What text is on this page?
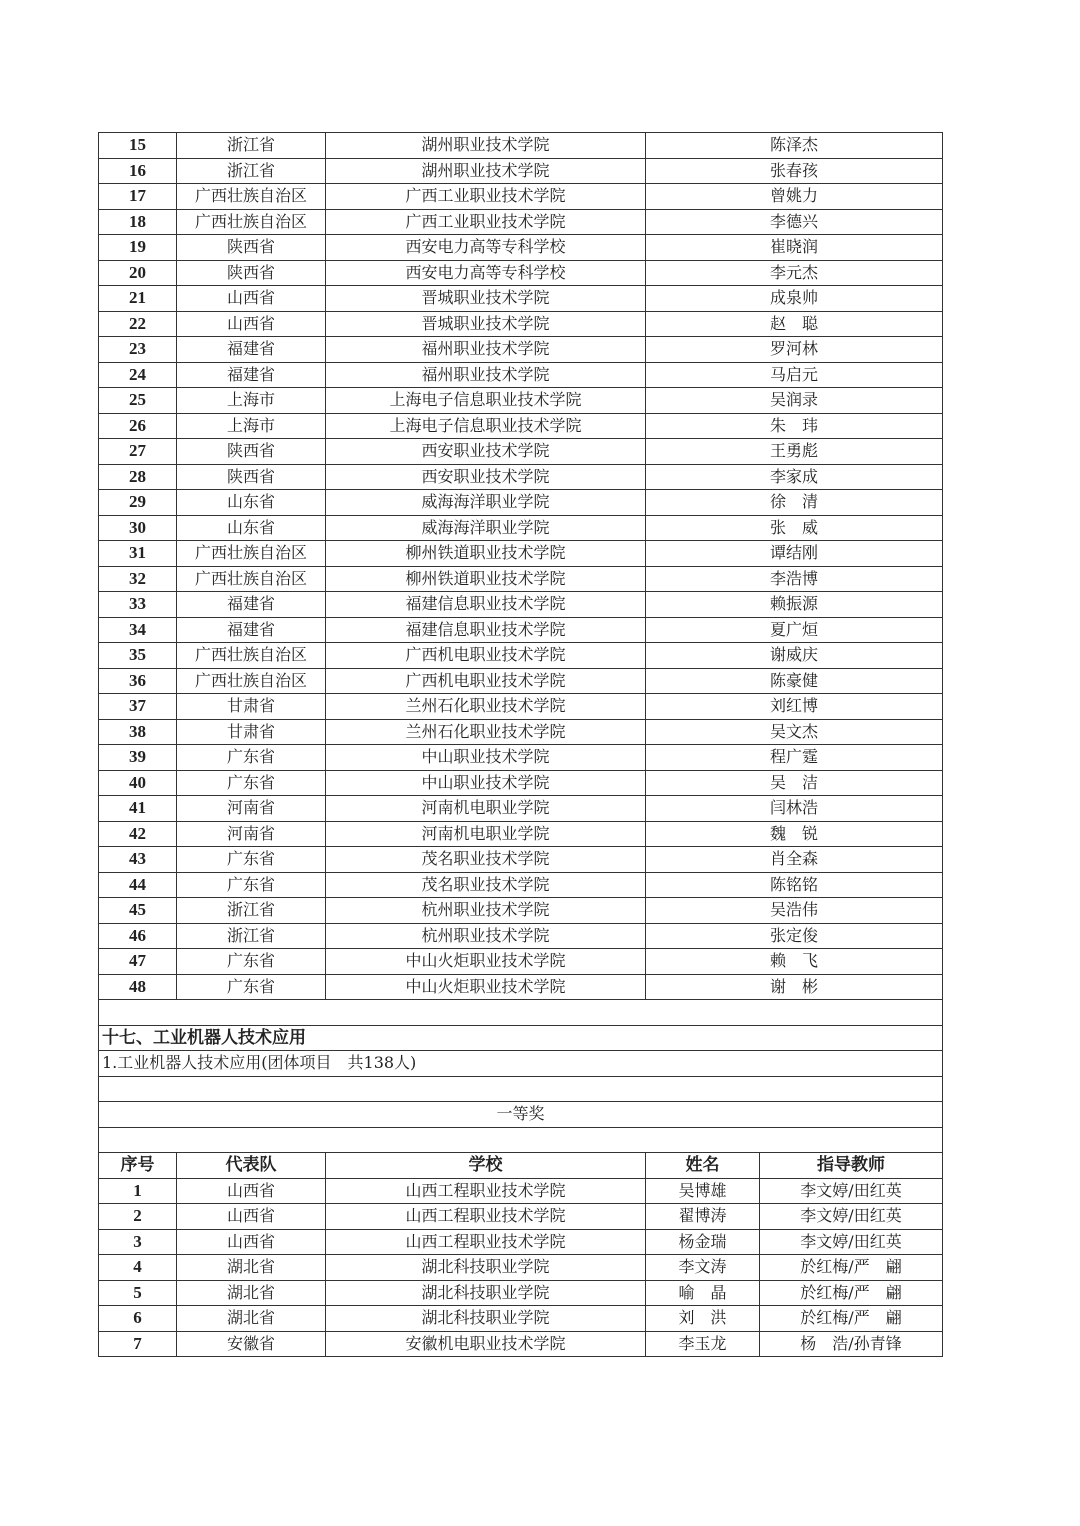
15	浙江省	湖州职业技术学院	陈泽杰	
16	浙江省	湖州职业技术学院	张春孩	
17	广西壮族自治区	广西工业职业技术学院	曾姚力	
18	广西壮族自治区	广西工业职业技术学院	李德兴	
19	陕西省	西安电力高等专科学校	崔晓润	
20	陕西省	西安电力高等专科学校	李元杰	
21	山西省	晋城职业技术学院	成泉帅	
22	山西省	晋城职业技术学院	赵　聪	
23	福建省	福州职业技术学院	罗河林	
24	福建省	福州职业技术学院	马启元	
25	上海市	上海电子信息职业技术学院	吴润录	
26	上海市	上海电子信息职业技术学院	朱　玮	
27	陕西省	西安职业技术学院	王勇彪	
28	陕西省	西安职业技术学院	李家成	
29	山东省	威海海洋职业学院	徐　清	
30	山东省	威海海洋职业学院	张　威	
31	广西壮族自治区	柳州铁道职业技术学院	谭结刚	
32	广西壮族自治区	柳州铁道职业技术学院	李浩博	
33	福建省	福建信息职业技术学院	赖振源	
34	福建省	福建信息职业技术学院	夏广烜	
35	广西壮族自治区	广西机电职业技术学院	谢威庆	
36	广西壮族自治区	广西机电职业技术学院	陈豪健	
37	甘肃省	兰州石化职业技术学院	刘红博	
38	甘肃省	兰州石化职业技术学院	吴文杰	
39	广东省	中山职业技术学院	程广霆	
40	广东省	中山职业技术学院	吴　洁	
41	河南省	河南机电职业学院	闫林浩	
42	河南省	河南机电职业学院	魏　锐	
43	广东省	茂名职业技术学院	肖全森	
44	广东省	茂名职业技术学院	陈铭铭	
45	浙江省	杭州职业技术学院	吴浩伟	
46	浙江省	杭州职业技术学院	张定俊	
47	广东省	中山火炬职业技术学院	赖　飞	
48	广东省	中山火炬职业技术学院	谢　彬	

十七、工业机器人技术应用				
1.工业机器人技术应用(团体项目　共138人)				

一等奖				

序号	代表队	学校	姓名	指导教师
1	山西省	山西工程职业技术学院	吴博雄	李文婷/田红英
2	山西省	山西工程职业技术学院	翟博涛	李文婷/田红英
3	山西省	山西工程职业技术学院	杨金瑞	李文婷/田红英
4	湖北省	湖北科技职业学院	李文涛	於红梅/严　翩
5	湖北省	湖北科技职业学院	喻　晶	於红梅/严　翩
6	湖北省	湖北科技职业学院	刘　洪	於红梅/严　翩
7	安徽省	安徽机电职业技术学院	李玉龙	杨　浩/孙青锋
